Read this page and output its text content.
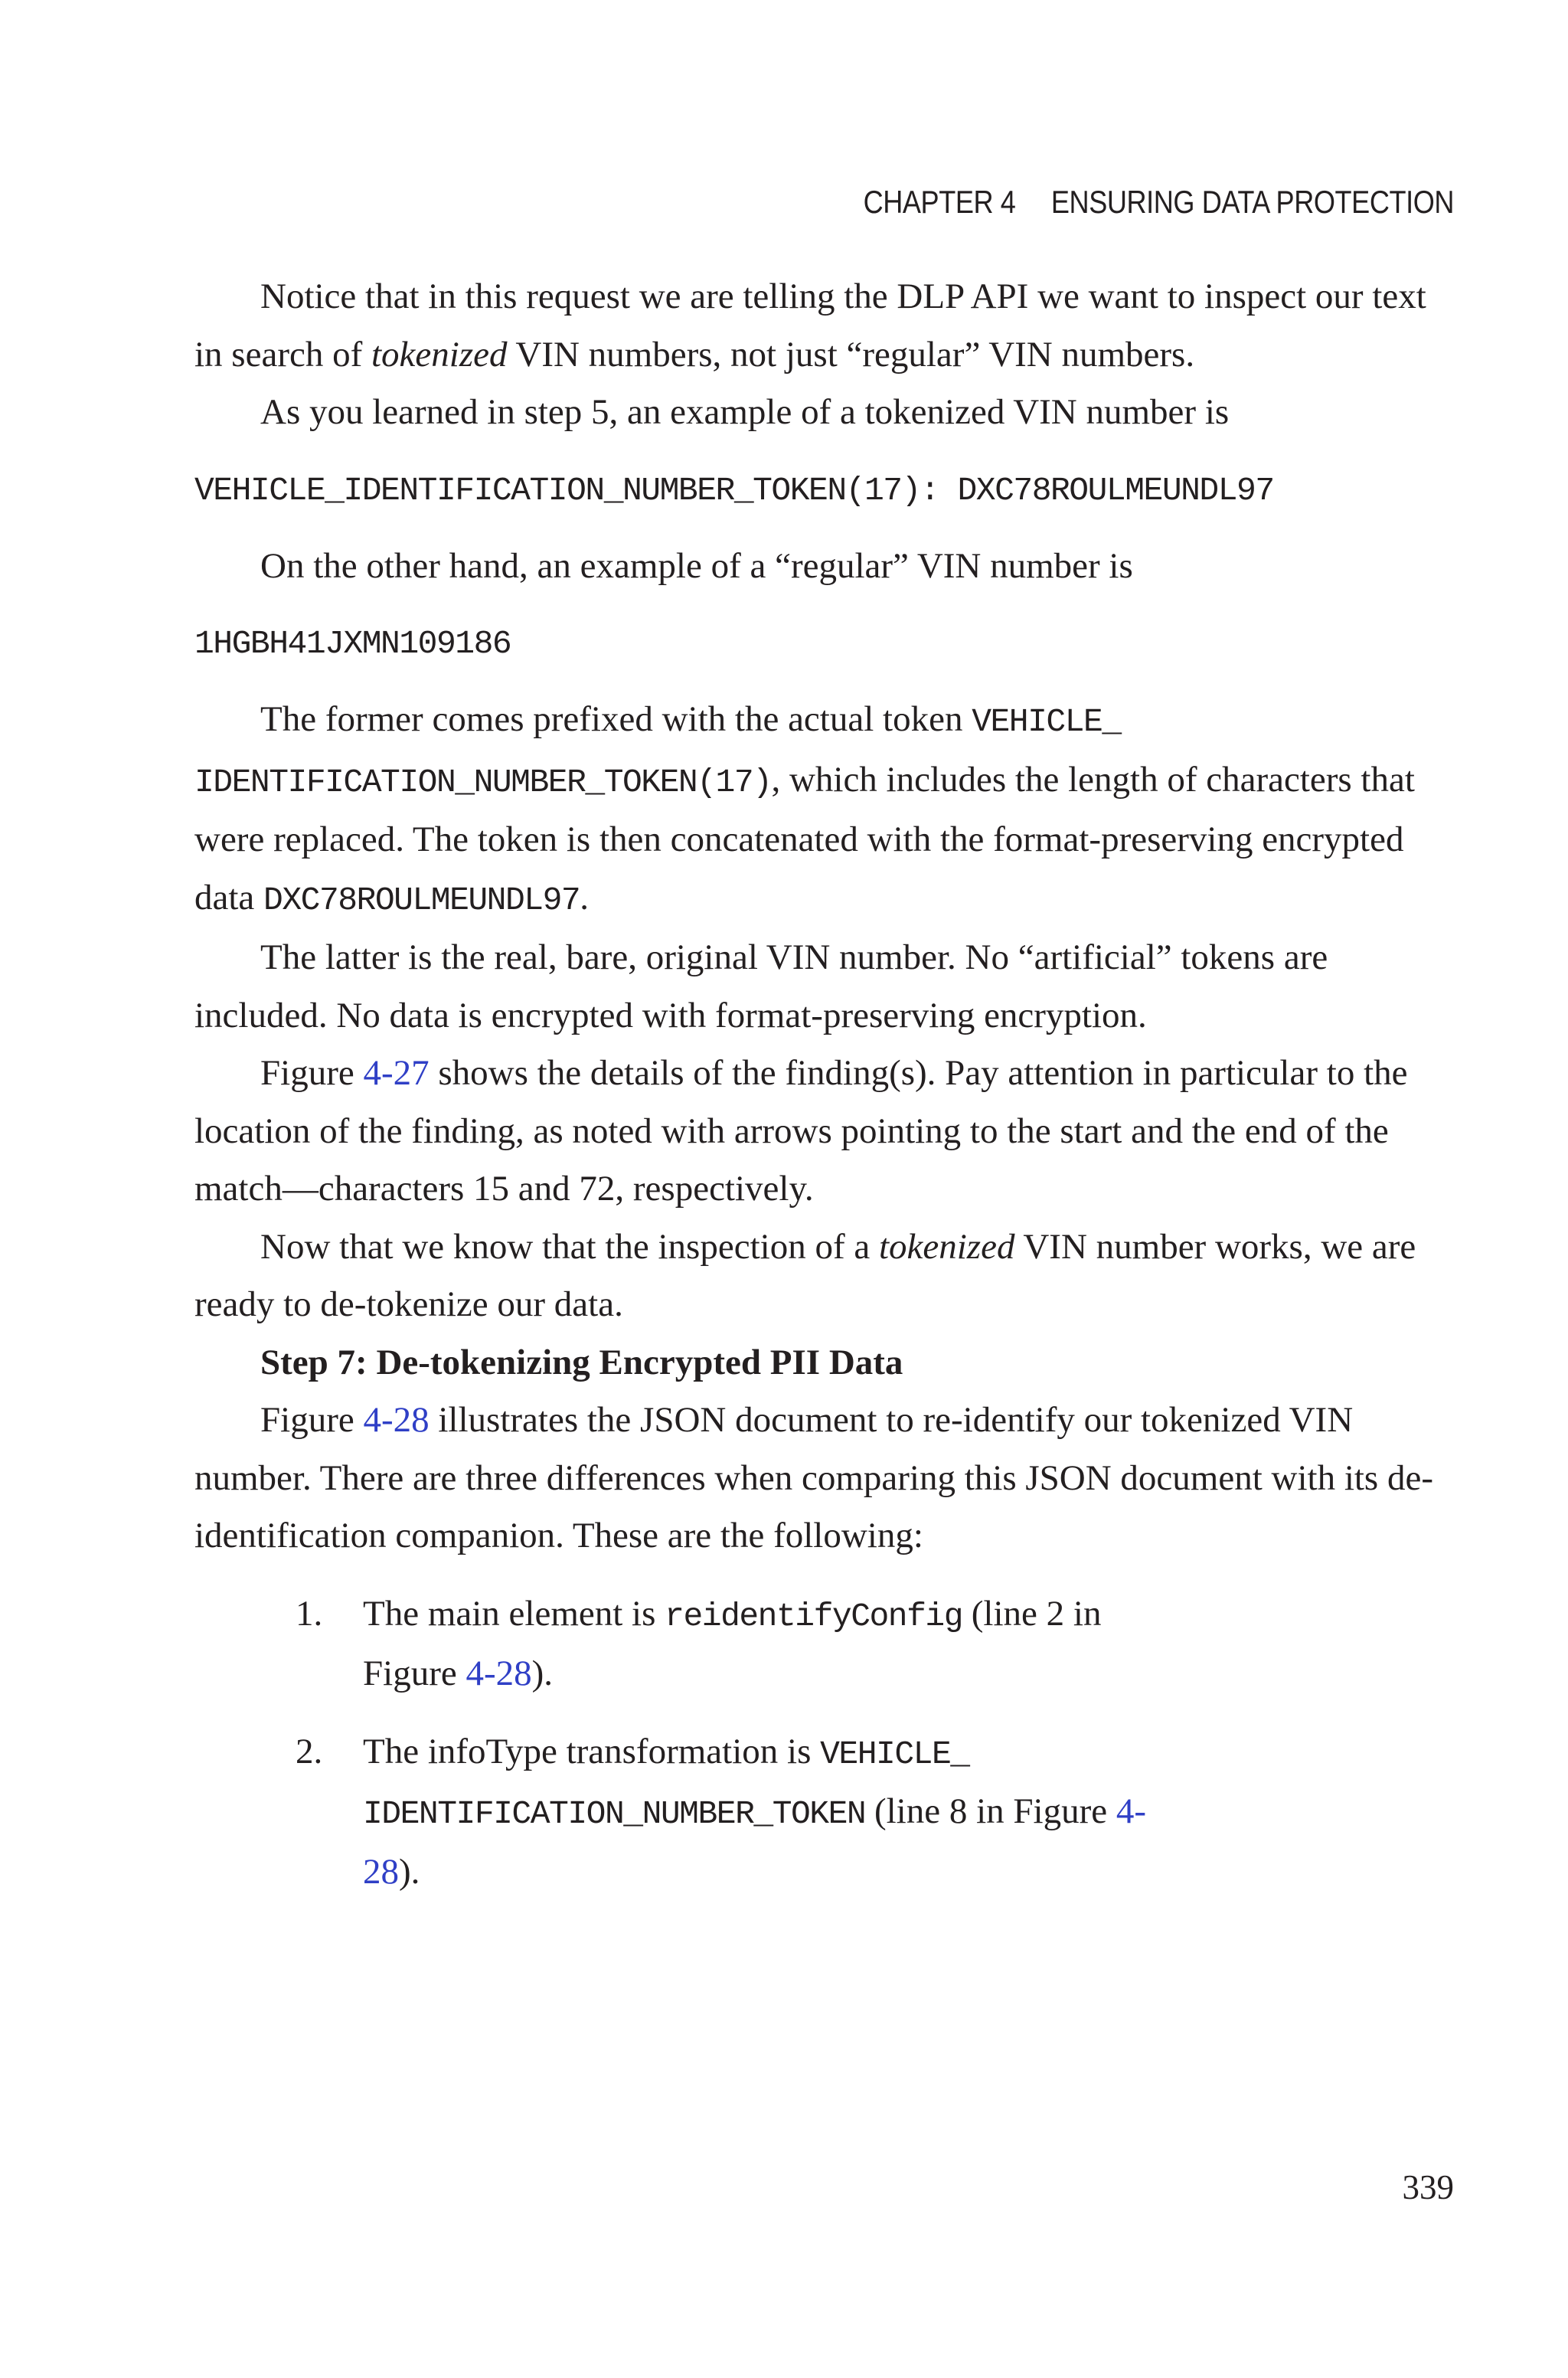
CHAPTER 4 ENSURING DATA PROTECTION

Notice that in this request we are telling the DLP API we want to inspect our text in search of tokenized VIN numbers, not just “regular” VIN numbers.

As you learned in step 5, an example of a tokenized VIN number is

VEHICLE_IDENTIFICATION_NUMBER_TOKEN(17): DXC78ROULMEUNDL97

On the other hand, an example of a “regular” VIN number is

1HGBH41JXMN109186

The former comes prefixed with the actual token VEHICLE_
IDENTIFICATION_NUMBER_TOKEN(17), which includes the length of characters that were replaced. The token is then concatenated with the format-preserving encrypted data DXC78ROULMEUNDL97.

The latter is the real, bare, original VIN number. No “artificial” tokens are included. No data is encrypted with format-preserving encryption.

Figure 4-27 shows the details of the finding(s). Pay attention in particular to the location of the finding, as noted with arrows pointing to the start and the end of the match—characters 15 and 72, respectively.

Now that we know that the inspection of a tokenized VIN number works, we are ready to de-tokenize our data.

Step 7: De-tokenizing Encrypted PII Data

Figure 4-28 illustrates the JSON document to re-identify our tokenized VIN number. There are three differences when comparing this JSON document with its de-identification companion. These are the following:

1. The main element is reidentifyConfig (line 2 in Figure 4-28).
2. The infoType transformation is VEHICLE_
IDENTIFICATION_NUMBER_TOKEN (line 8 in Figure 4-28).
339
